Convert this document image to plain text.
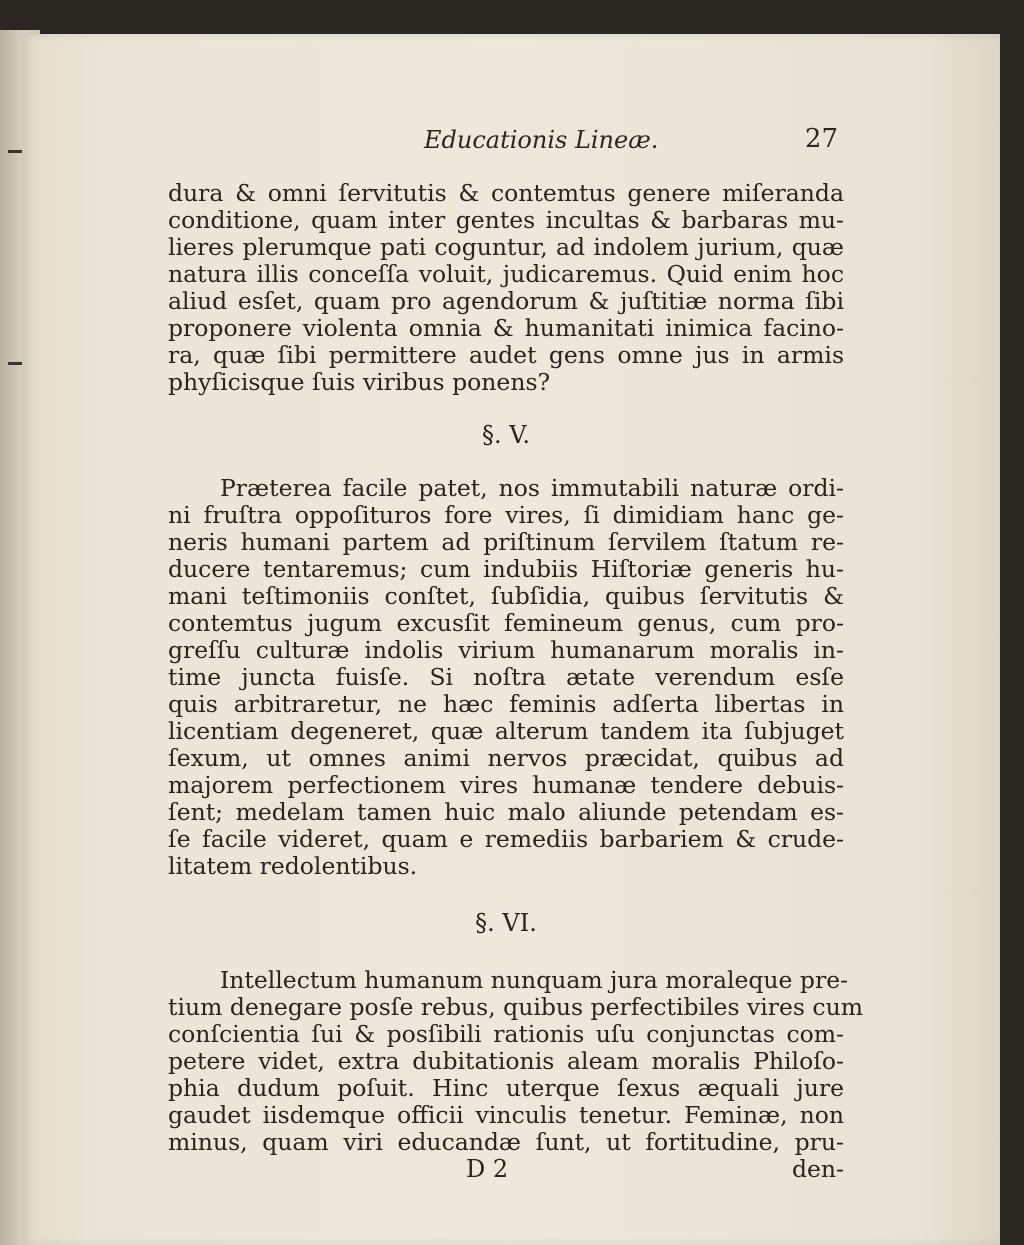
Educationis Lineæ.	27
dura & omni ſervitutis & contemtus genere miſeranda
conditione, quam inter gentes incultas & barbaras mu-
lieres plerumque pati coguntur, ad indolem jurium, quæ
natura illis conceſſa voluit, judicaremus. Quid enim hoc
aliud esſet, quam pro agendorum & juſtitiæ norma ſibi
proponere violenta omnia & humanitati inimica facino-
ra, quæ ſibi permittere audet gens omne jus in armis
phyſicisque ſuis viribus ponens?
§. V.
Præterea facile patet, nos immutabili naturæ ordi-
ni fruſtra oppoſituros fore vires, ſi dimidiam hanc ge-
neris humani partem ad priſtinum ſervilem ſtatum re-
ducere tentaremus; cum indubiis Hiſtoriæ generis hu-
mani teſtimoniis conſtet, ſubſidia, quibus ſervitutis &
contemtus jugum excusſit femineum genus, cum pro-
greſſu culturæ indolis virium humanarum moralis in-
time juncta fuisſe. Si noſtra ætate verendum esſe
quis arbitraretur, ne hæc feminis adſerta libertas in
licentiam degeneret, quæ alterum tandem ita ſubjuget
ſexum, ut omnes animi nervos præcidat, quibus ad
majorem perfectionem vires humanæ tendere debuis-
ſent; medelam tamen huic malo aliunde petendam es-
ſe facile videret, quam e remediis barbariem & crude-
litatem redolentibus.
§. VI.
Intellectum humanum nunquam jura moraleque pre-
tium denegare posſe rebus, quibus perfectibiles vires cum
conſcientia ſui & posſibili rationis uſu conjunctas com-
petere videt, extra dubitationis aleam moralis Philoſo-
phia dudum poſuit. Hinc uterque ſexus æquali jure
gaudet iisdemque officii vinculis tenetur. Feminæ, non
minus, quam viri educandæ ſunt, ut fortitudine, pru-
D 2	den-
